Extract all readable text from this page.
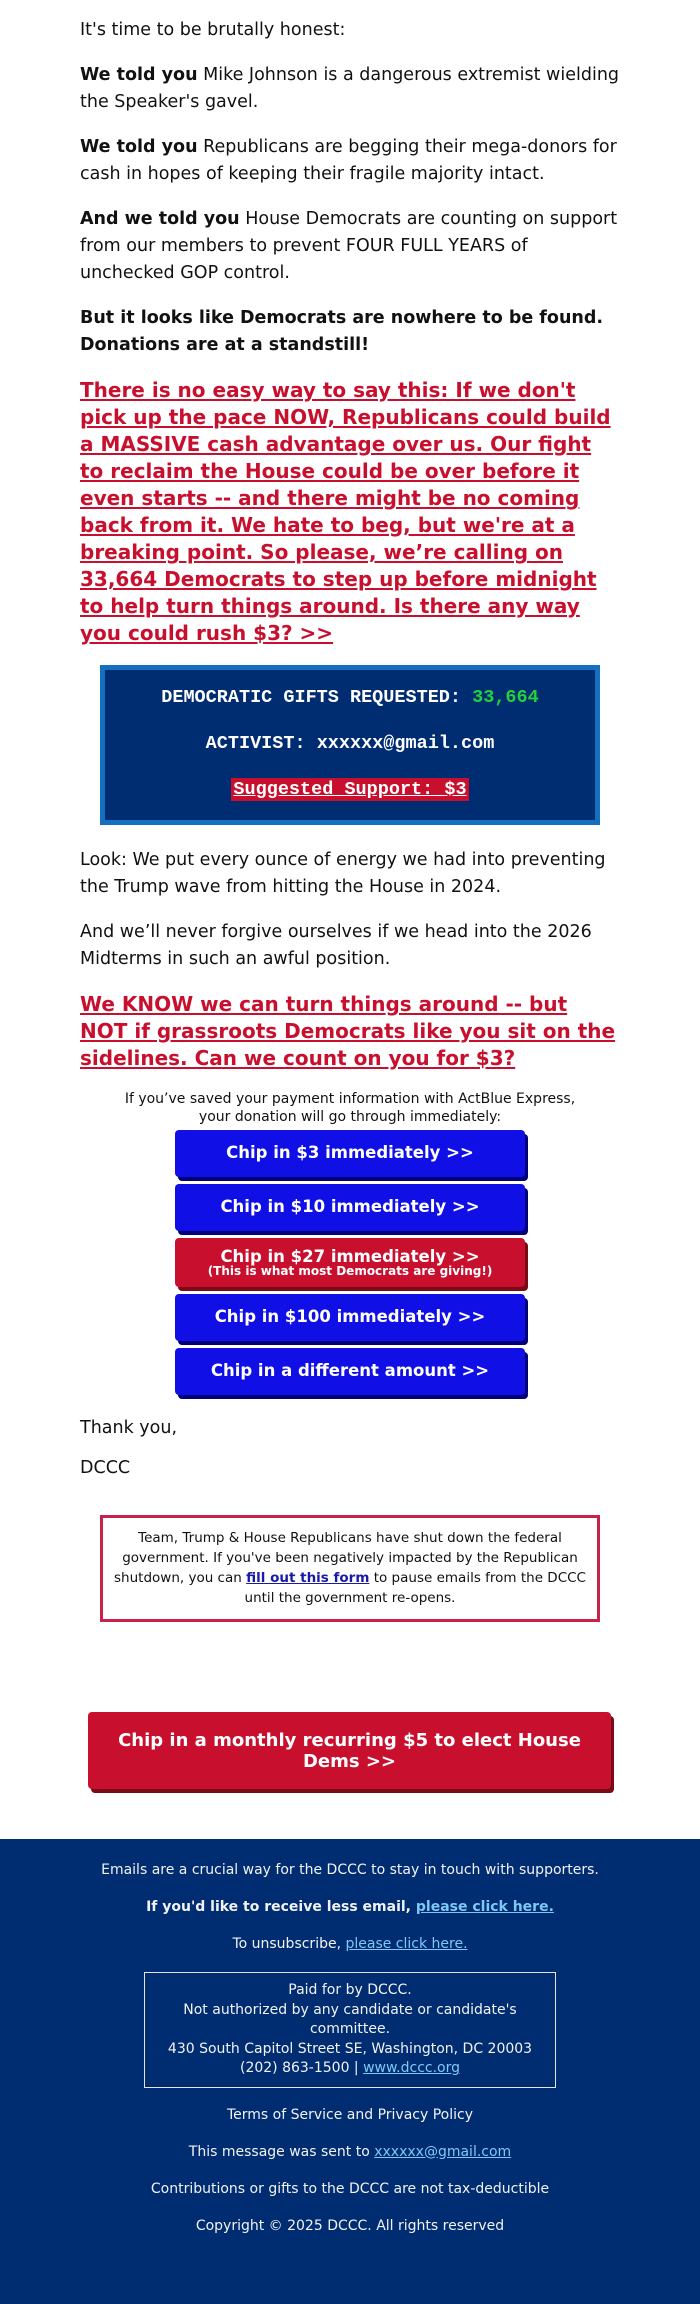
It's time to be brutally honest:

We told you Mike Johnson is a dangerous extremist wielding the Speaker's gavel.

We told you Republicans are begging their mega-donors for cash in hopes of keeping their fragile majority intact.

And we told you House Democrats are counting on support from our members to prevent FOUR FULL YEARS of unchecked GOP control.

But it looks like Democrats are nowhere to be found. Donations are at a standstill!

There is no easy way to say this: If we don't pick up the pace NOW, Republicans could build a MASSIVE cash advantage over us. Our fight to reclaim the House could be over before it even starts -- and there might be no coming back from it. We hate to beg, but we're at a breaking point. So please, we’re calling on 33,664 Democrats to step up before midnight to help turn things around. Is there any way you could rush $3? >>
DEMOCRATIC GIFTS REQUESTED: 33,664
ACTIVIST: xxxxxx@gmail.com
Suggested Support: $3

Look: We put every ounce of energy we had into preventing the Trump wave from hitting the House in 2024.

And we’ll never forgive ourselves if we head into the 2026 Midterms in such an awful position.

We KNOW we can turn things around -- but NOT if grassroots Democrats like you sit on the sidelines. Can we count on you for $3?
If you’ve saved your payment information with ActBlue Express,
your donation will go through immediately:
Chip in $3 immediately >>
Chip in $10 immediately >>
Chip in $27 immediately >>
(This is what most Democrats are giving!)
Chip in $100 immediately >>
Chip in a different amount >>

Thank you,

DCCC

Team, Trump & House Republicans have shut down the federal government. If you've been negatively impacted by the Republican shutdown, you can fill out this form to pause emails from the DCCC until the government re-opens.
Chip in a monthly recurring $5 to elect House Dems >>
Emails are a crucial way for the DCCC to stay in touch with supporters.
If you'd like to receive less email, please click here.
To unsubscribe, please click here.
Paid for by DCCC.
Not authorized by any candidate or candidate's committee.
430 South Capitol Street SE, Washington, DC 20003
(202) 863-1500 | www.dccc.org
Terms of Service and Privacy Policy
This message was sent to xxxxxx@gmail.com
Contributions or gifts to the DCCC are not tax-deductible
Copyright © 2025 DCCC. All rights reserved
